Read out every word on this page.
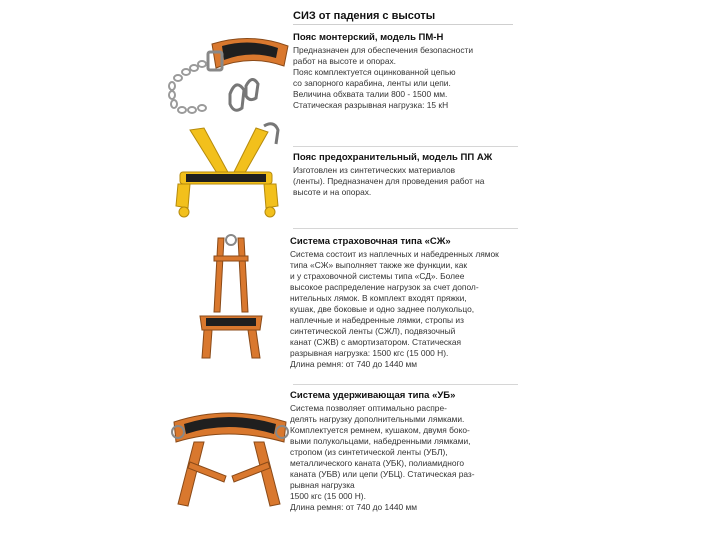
СИЗ от падения с высоты
Пояс монтерский, модель ПМ-Н
Предназначен для обеспечения безопасности
работ на высоте и опорах.
Пояс комплектуется оцинкованной цепью
со запорного карабина, ленты или цепи.
Величина обхвата талии 800 - 1500 мм.
Статическая разрывная нагрузка: 15 кН
Пояс предохранительный, модель ПП АЖ
Изготовлен из синтетических материалов
(ленты). Предназначен для проведения работ на
высоте и на опорах.
Система страховочная типа «СЖ»
Система состоит из наплечных и набедренных лямок
типа «СЖ» выполняет также же функции, как
и у страховочной системы типа «СД». Более
высокое распределение нагрузок за счет допол-
нительных лямок. В комплект входят пряжки,
кушак, две боковые и одно заднее полукольцо,
наплечные и набедренные лямки, стропы из
синтетической ленты (СЖЛ), подвязочный
канат (СЖВ) с амортизатором. Статическая
разрывная нагрузка: 1500 кгс (15 000 Н).
Длина ремня: от 740 до 1440 мм
Система удерживающая типа «УБ»
Система позволяет оптимально распре-
делять нагрузку дополнительными лямками.
Комплектуется ремнем, кушаком, двумя боко-
выми полукольцами, набедренными лямками,
стропом (из синтетической ленты (УБЛ),
металлического каната (УБК), полиамидного
каната (УБВ) или цепи (УБЦ). Статическая раз-
рывная нагрузка
1500 кгс (15 000 Н).
Длина ремня: от 740 до 1440 мм
